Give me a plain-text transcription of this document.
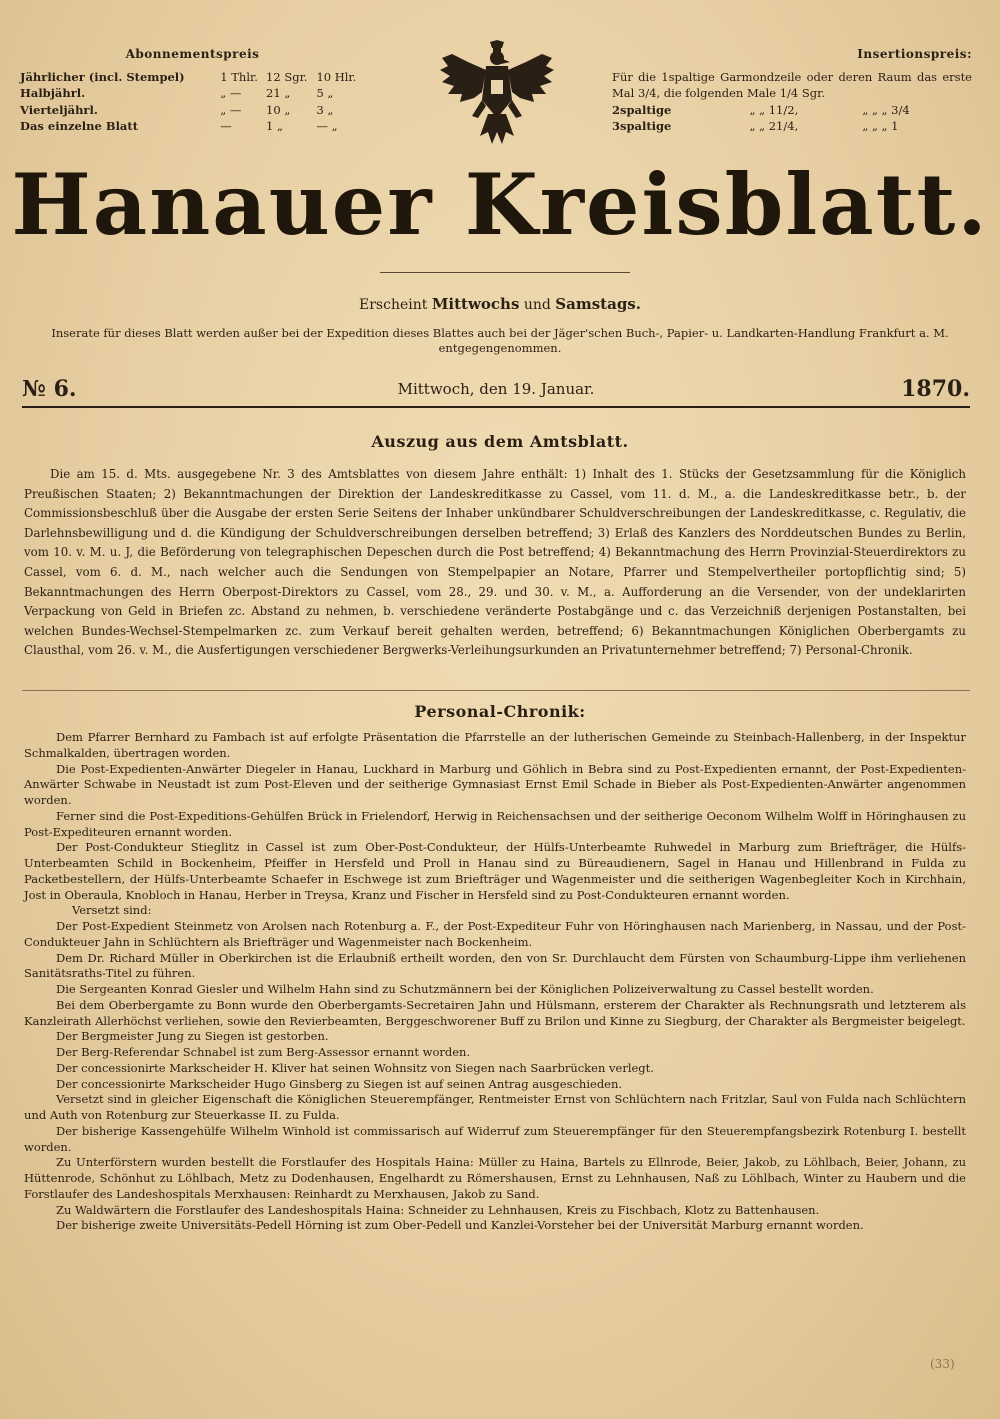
Abonnementspreis
Jährlicher (incl. Stempel)	1 Thlr.	12 Sgr.	10 Hlr.
Halbjährl.	„ —	21 „	5 „
Vierteljährl.	„ —	10 „	3 „
Das einzelne Blatt	—	1 „	— „
Insertionspreis:
Für die 1spaltige Garmondzeile oder deren Raum das erste Mal 3/4, die folgenden Male 1/4 Sgr.
2spaltige	„ „ 11/2,	„ „ „ 3/4
3spaltige	„ „ 21/4,	„ „ „ 1
Hanauer Kreisblatt.
Erscheint Mittwochs und Samstags.
Inserate für dieses Blatt werden außer bei der Expedition dieses Blattes auch bei der Jäger'schen Buch-, Papier- u. Landkarten-Handlung Frankfurt a. M. entgegengenommen.
№ 6.	Mittwoch, den 19. Januar.	1870.
Auszug aus dem Amtsblatt.
Die am 15. d. Mts. ausgegebene Nr. 3 des Amtsblattes von diesem Jahre enthält: 1) Inhalt des 1. Stücks der Gesetzsammlung für die Königlich Preußischen Staaten; 2) Bekanntmachungen der Direktion der Landeskreditkasse zu Cassel, vom 11. d. M., a. die Landeskreditkasse betr., b. der Commissionsbeschluß über die Ausgabe der ersten Serie Seitens der Inhaber unkündbarer Schuldverschreibungen der Landeskreditkasse, c. Regulativ, die Darlehnsbewilligung und d. die Kündigung der Schuldverschreibungen derselben betreffend; 3) Erlaß des Kanzlers des Norddeutschen Bundes zu Berlin, vom 10. v. M. u. J, die Beförderung von telegraphischen Depeschen durch die Post betreffend; 4) Bekanntmachung des Herrn Provinzial-Steuerdirektors zu Cassel, vom 6. d. M., nach welcher auch die Sendungen von Stempelpapier an Notare, Pfarrer und Stempelvertheiler portopflichtig sind; 5) Bekanntmachungen des Herrn Oberpost-Direktors zu Cassel, vom 28., 29. und 30. v. M., a. Aufforderung an die Versender, von der undeklarirten Verpackung von Geld in Briefen zc. Abstand zu nehmen, b. verschiedene veränderte Postabgänge und c. das Verzeichniß derjenigen Postanstalten, bei welchen Bundes-Wechsel-Stempelmarken zc. zum Verkauf bereit gehalten werden, betreffend; 6) Bekanntmachungen Königlichen Oberbergamts zu Clausthal, vom 26. v. M., die Ausfertigungen verschiedener Bergwerks-Verleihungsurkunden an Privatunternehmer betreffend; 7) Personal-Chronik.
Personal-Chronik:

Dem Pfarrer Bernhard zu Fambach ist auf erfolgte Präsentation die Pfarrstelle an der lutherischen Gemeinde zu Steinbach-Hallenberg, in der Inspektur Schmalkalden, übertragen worden.

Die Post-Expedienten-Anwärter Diegeler in Hanau, Luckhard in Marburg und Göhlich in Bebra sind zu Post-Expedienten ernannt, der Post-Expedienten-Anwärter Schwabe in Neustadt ist zum Post-Eleven und der seitherige Gymnasiast Ernst Emil Schade in Bieber als Post-Expedienten-Anwärter angenommen worden.

Ferner sind die Post-Expeditions-Gehülfen Brück in Frielendorf, Herwig in Reichensachsen und der seitherige Oeconom Wilhelm Wolff in Höringhausen zu Post-Expediteuren ernannt worden.

Der Post-Condukteur Stieglitz in Cassel ist zum Ober-Post-Condukteur, der Hülfs-Unterbeamte Ruhwedel in Marburg zum Briefträger, die Hülfs-Unterbeamten Schild in Bockenheim, Pfeiffer in Hersfeld und Proll in Hanau sind zu Büreaudienern, Sagel in Hanau und Hillenbrand in Fulda zu Packetbestellern, der Hülfs-Unterbeamte Schaefer in Eschwege ist zum Briefträger und Wagenmeister und die seitherigen Wagenbegleiter Koch in Kirchhain, Jost in Oberaula, Knobloch in Hanau, Herber in Treysa, Kranz und Fischer in Hersfeld sind zu Post-Condukteuren ernannt worden.

Versetzt sind:

Der Post-Expedient Steinmetz von Arolsen nach Rotenburg a. F., der Post-Expediteur Fuhr von Höringhausen nach Marienberg, in Nassau, und der Post-Condukteuer Jahn in Schlüchtern als Briefträger und Wagenmeister nach Bockenheim.

Dem Dr. Richard Müller in Oberkirchen ist die Erlaubniß ertheilt worden, den von Sr. Durchlaucht dem Fürsten von Schaumburg-Lippe ihm verliehenen Sanitätsraths-Titel zu führen.

Die Sergeanten Konrad Giesler und Wilhelm Hahn sind zu Schutzmännern bei der Königlichen Polizeiverwaltung zu Cassel bestellt worden.

Bei dem Oberbergamte zu Bonn wurde den Oberbergamts-Secretairen Jahn und Hülsmann, ersterem der Charakter als Rechnungsrath und letzterem als Kanzleirath Allerhöchst verliehen, sowie den Revierbeamten, Berggeschworener Buff zu Brilon und Kinne zu Siegburg, der Charakter als Bergmeister beigelegt.

Der Bergmeister Jung zu Siegen ist gestorben.

Der Berg-Referendar Schnabel ist zum Berg-Assessor ernannt worden.

Der concessionirte Markscheider H. Kliver hat seinen Wohnsitz von Siegen nach Saarbrücken verlegt.

Der concessionirte Markscheider Hugo Ginsberg zu Siegen ist auf seinen Antrag ausgeschieden.

Versetzt sind in gleicher Eigenschaft die Königlichen Steuerempfänger, Rentmeister Ernst von Schlüchtern nach Fritzlar, Saul von Fulda nach Schlüchtern und Auth von Rotenburg zur Steuerkasse II. zu Fulda.

Der bisherige Kassengehülfe Wilhelm Winhold ist commissarisch auf Widerruf zum Steuerempfänger für den Steuerempfangsbezirk Rotenburg I. bestellt worden.

Zu Unterförstern wurden bestellt die Forstlaufer des Hospitals Haina: Müller zu Haina, Bartels zu Ellnrode, Beier, Jakob, zu Löhlbach, Beier, Johann, zu Hüttenrode, Schönhut zu Löhlbach, Metz zu Dodenhausen, Engelhardt zu Römershausen, Ernst zu Lehnhausen, Naß zu Löhlbach, Winter zu Haubern und die Forstlaufer des Landeshospitals Merxhausen: Reinhardt zu Merxhausen, Jakob zu Sand.

Zu Waldwärtern die Forstlaufer des Landeshospitals Haina: Schneider zu Lehnhausen, Kreis zu Fischbach, Klotz zu Battenhausen.

Der bisherige zweite Universitäts-Pedell Hörning ist zum Ober-Pedell und Kanzlei-Vorsteher bei der Universität Marburg ernannt worden.

(33)
